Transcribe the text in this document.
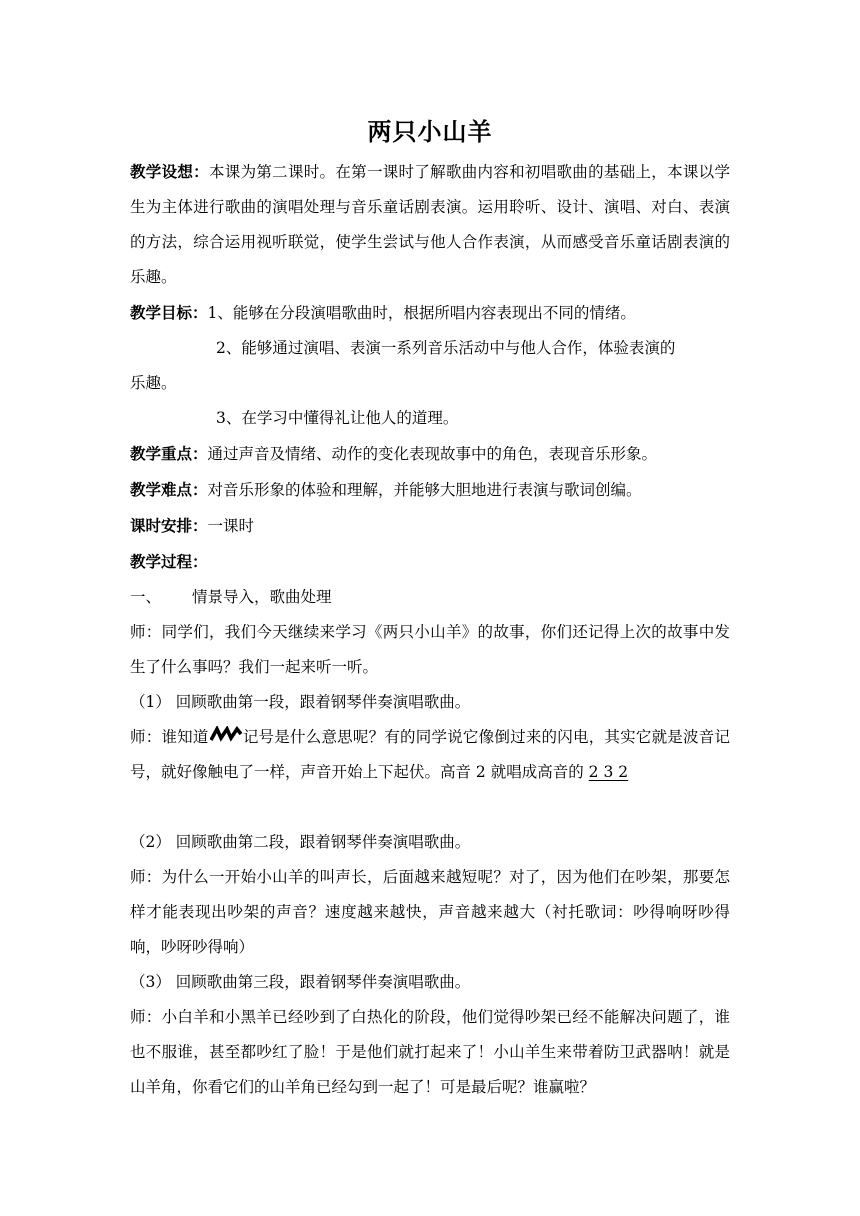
两只小山羊

教学设想：本课为第二课时。在第一课时了解歌曲内容和初唱歌曲的基础上，本课以学生为主体进行歌曲的演唱处理与音乐童话剧表演。运用聆听、设计、演唱、对白、表演的方法，综合运用视听联觉，使学生尝试与他人合作表演，从而感受音乐童话剧表演的乐趣。

教学目标：1、能够在分段演唱歌曲时，根据所唱内容表现出不同的情绪。

2、能够通过演唱、表演一系列音乐活动中与他人合作，体验表演的

乐趣。

3、在学习中懂得礼让他人的道理。

教学重点：通过声音及情绪、动作的变化表现故事中的角色，表现音乐形象。

教学难点：对音乐形象的体验和理解，并能够大胆地进行表演与歌词创编。

课时安排：一课时

教学过程：

一、 情景导入，歌曲处理

师：同学们，我们今天继续来学习《两只小山羊》的故事，你们还记得上次的故事中发生了什么事吗？我们一起来听一听。

（1） 回顾歌曲第一段，跟着钢琴伴奏演唱歌曲。

师：谁知道 记号是什么意思呢？有的同学说它像倒过来的闪电，其实它就是波音记号，就好像触电了一样，声音开始上下起伏。高音 2 就唱成高音的 2 3 2

（2） 回顾歌曲第二段，跟着钢琴伴奏演唱歌曲。

师：为什么一开始小山羊的叫声长，后面越来越短呢？对了，因为他们在吵架，那要怎样才能表现出吵架的声音？速度越来越快，声音越来越大（衬托歌词：吵得响呀吵得响，吵呀吵得响）

（3） 回顾歌曲第三段，跟着钢琴伴奏演唱歌曲。

师：小白羊和小黑羊已经吵到了白热化的阶段，他们觉得吵架已经不能解决问题了，谁也不服谁，甚至都吵红了脸！于是他们就打起来了！小山羊生来带着防卫武器呐！就是山羊角，你看它们的山羊角已经勾到一起了！可是最后呢？谁赢啦？
